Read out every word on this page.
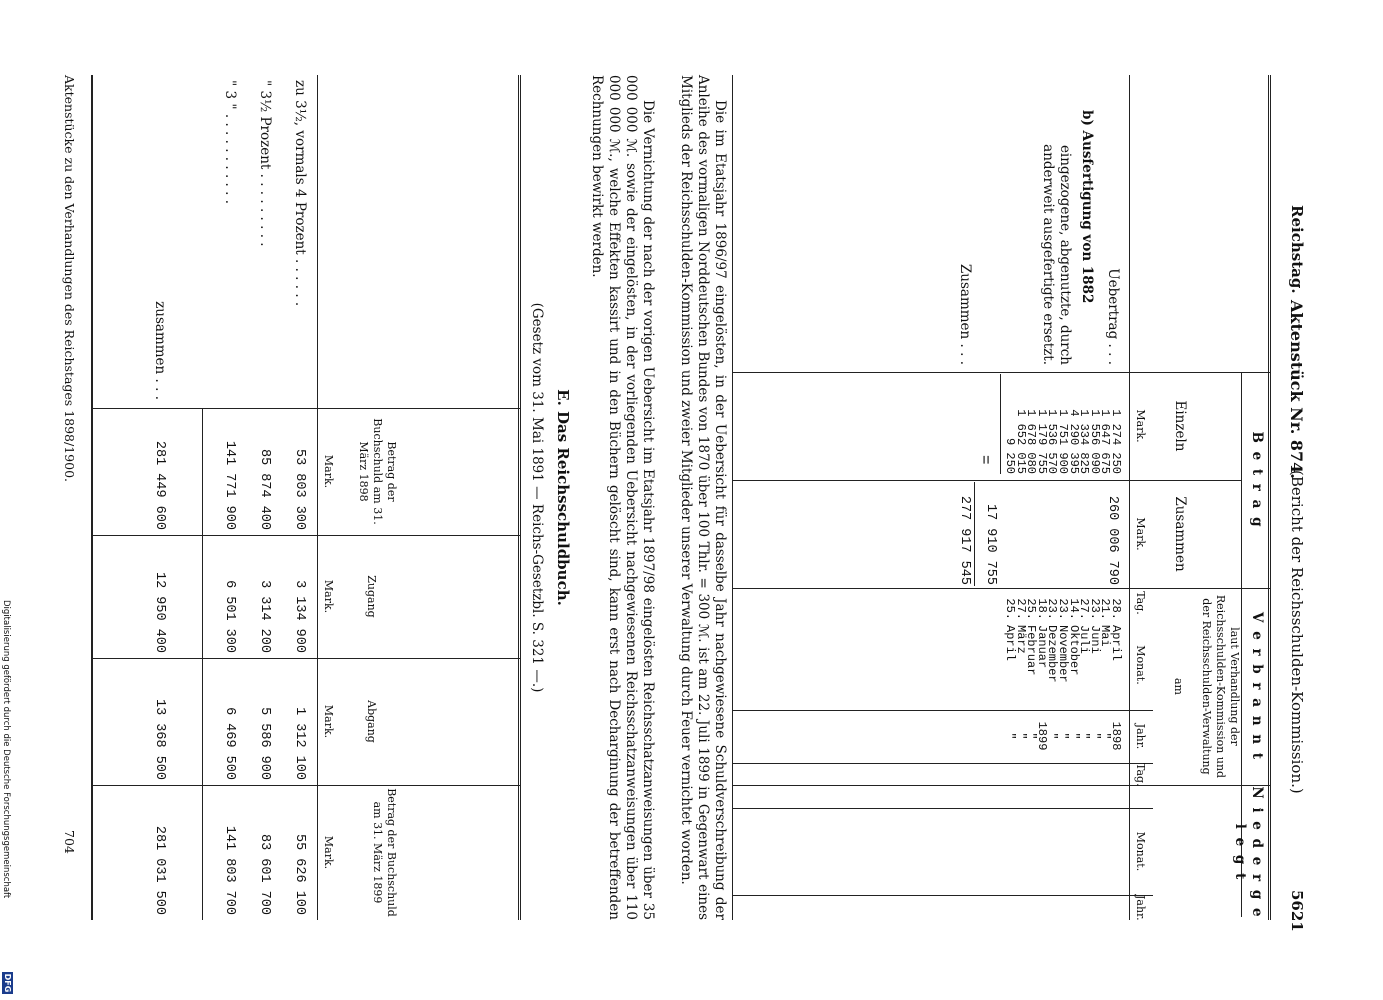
Reichstag.
Aktenstück Nr. 874.
(Bericht der Reichsschulden-Kommission.)
5621
B e t r a g
Einzeln
Zusammen
Mark.
Mark.
V e r b r a n n t
laut Verhandlung der Reichsschulden-Kommission und der Reichsschulden-Verwaltung
am
N i e d e r g e l e g t
Tag.
Monat.
Jahr.
Tag.
Monat.
Jahr.
Uebertrag . . .
260 006 790
b) Ausfertigung von 1882
eingezogene, abgenutzte, durch anderweit ausgefertigte ersetzt.
1 274 250
28.
April
1898
1 647 675
21.
Mai
"
1 556 090
23.
Juni
"
1 334 825
27.
Juli
"
4 290 395
14.
Oktober
"
1 751 900
23.
November
"
1 536 570
23.
Dezember
"
1 179 755
18.
Januar
1899
1 678 080
25.
Februar
"
1 652 015
27.
März
"
9 250
25.
April
"
=
17 910 755
Zusammen . . .
277 917 545
Die im Etatsjahr 1896/97 eingelösten, in der Uebersicht für dasselbe Jahr nachgewiesene Schuldverschreibung der Anleihe des vormaligen Norddeutschen Bundes von 1870 über 100 Thlr. = 300 ℳ. ist am 22. Juli 1899 in Gegenwart eines Mitglieds der Reichsschulden-Kommission und zweier Mitglieder unserer Verwaltung durch Feuer vernichtet worden.
Die Vernichtung der nach der vorigen Uebersicht im Etatsjahr 1897/98 eingelösten Reichsschatzanweisungen über 35 000 000 ℳ. sowie der eingelösten, in der vorliegenden Uebersicht nachgewiesenen Reichsschatzanweisungen über 110 000 000 ℳ., welche Effekten kassirt und in den Büchern gelöscht sind, kann erst nach Decharginung der betreffenden Rechnungen bewirkt werden.
E. Das Reichsschuldbuch.
(Gesetz vom 31. Mai 1891 — Reichs-Gesetzbl. S. 321 —.)
Betrag der Buchschuld am 31. März 1898
Zugang
Abgang
Betrag der Buchschuld am 31. März 1899
Mark.
Mark.
Mark.
Mark.
zu 3½, vormals 4 Prozent . . . . . .
53 803 300
3 134 900
1 312 100
55 626 100
" 3½ Prozent . . . . . . . . .
85 874 400
3 314 200
5 586 900
83 601 700
" 3 " . . . . . . . . . . .
141 771 900
6 501 300
6 469 500
141 803 700
zusammen . . .
281 449 600
12 950 400
13 368 500
281 031 500
Aktenstücke zu den Verhandlungen des Reichstages 1898/1900.
704
Digitalisierung gefördert durch die Deutsche Forschungsgemeinschaft
DFG
